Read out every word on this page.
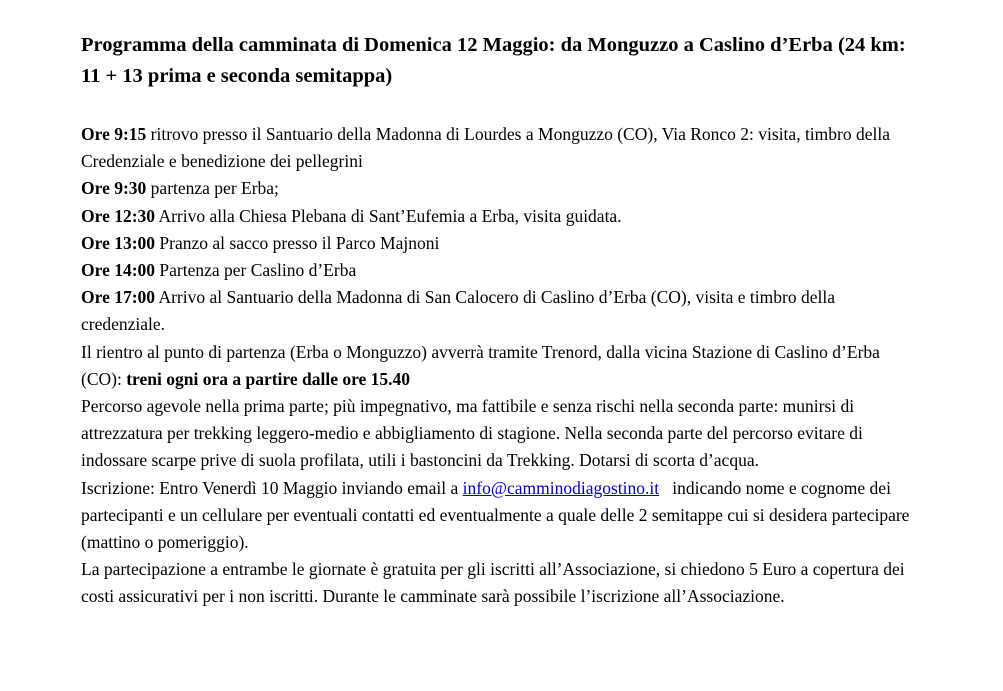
Programma della camminata di Domenica 12 Maggio: da Monguzzo a Caslino d’Erba (24 km: 11 + 13 prima e seconda semitappa)

Ore 9:15 ritrovo presso il Santuario della Madonna di Lourdes a Monguzzo (CO), Via Ronco 2: visita, timbro della Credenziale e benedizione dei pellegrini

Ore 9:30 partenza per Erba;

Ore 12:30 Arrivo alla Chiesa Plebana di Sant’Eufemia a Erba, visita guidata.

Ore 13:00 Pranzo al sacco presso il Parco Majnoni

Ore 14:00 Partenza per Caslino d’Erba

Ore 17:00 Arrivo al Santuario della Madonna di San Calocero di Caslino d’Erba (CO), visita e timbro della credenziale.

Il rientro al punto di partenza (Erba o Monguzzo) avverrà tramite Trenord, dalla vicina Stazione di Caslino d’Erba (CO): treni ogni ora a partire dalle ore 15.40

Percorso agevole nella prima parte; più impegnativo, ma fattibile e senza rischi nella seconda parte: munirsi di attrezzatura per trekking leggero-medio e abbigliamento di stagione. Nella seconda parte del percorso evitare di indossare scarpe prive di suola profilata, utili i bastoncini da Trekking. Dotarsi di scorta d’acqua.

Iscrizione: Entro Venerdì 10 Maggio inviando email a info@camminodiagostino.it   indicando nome e cognome dei partecipanti e un cellulare per eventuali contatti ed eventualmente a quale delle 2 semitappe cui si desidera partecipare (mattino o pomeriggio).

La partecipazione a entrambe le giornate è gratuita per gli iscritti all’Associazione, si chiedono 5 Euro a copertura dei costi assicurativi per i non iscritti. Durante le camminate sarà possibile l’iscrizione all’Associazione.
